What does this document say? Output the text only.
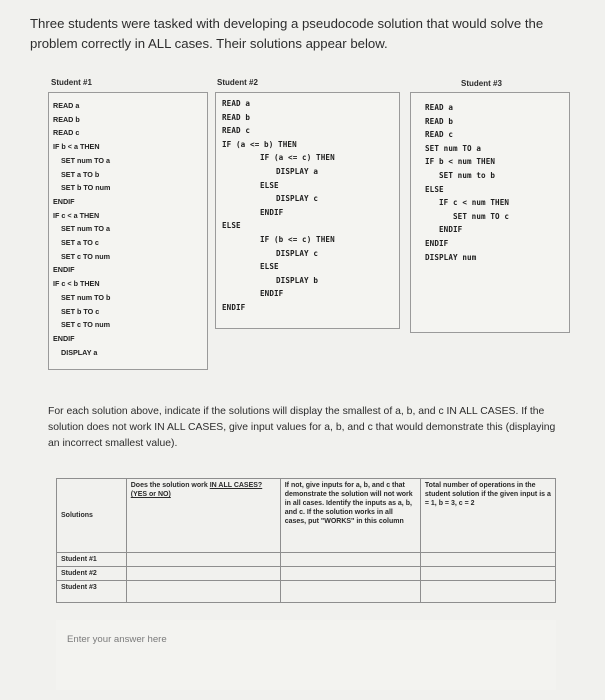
Three students were tasked with developing a pseudocode solution that would solve the problem correctly in ALL cases. Their solutions appear below.
Student #1	Student #2	Student #3
READ a
READ b
READ c
IF b < a THEN
SET num TO a
SET a TO b
SET b TO num
ENDIF
IF c < a THEN
SET num TO a
SET a TO c
SET c TO num
ENDIF
IF c < b THEN
SET num TO b
SET b TO c
SET c TO num
ENDIF
DISPLAY a
READ a
READ b
READ c
IF (a <= b) THEN
IF (a <= c) THEN
DISPLAY a
ELSE
DISPLAY c
ENDIF
ELSE
IF (b <= c) THEN
DISPLAY c
ELSE
DISPLAY b
ENDIF
ENDIF
READ a
READ b
READ c
SET num TO a
IF b < num THEN
SET num to b
ELSE
IF c < num THEN
SET num TO c
ENDIF
ENDIF
DISPLAY num
For each solution above, indicate if the solutions will display the smallest of a, b, and c IN ALL CASES. If the solution does not work IN ALL CASES, give input values for a, b, and c that would demonstrate this (displaying an incorrect smallest value).
Solutions	Does the solution work IN ALL CASES? (YES or NO)	If not, give inputs for a, b, and c that demonstrate the solution will not work in all cases. Identify the inputs as a, b, and c. If the solution works in all cases, put "WORKS" in this column	Total number of operations in the student solution if the given input is a = 1, b = 3, c = 2
Student #1			
Student #2			
Student #3			
Enter your answer here
